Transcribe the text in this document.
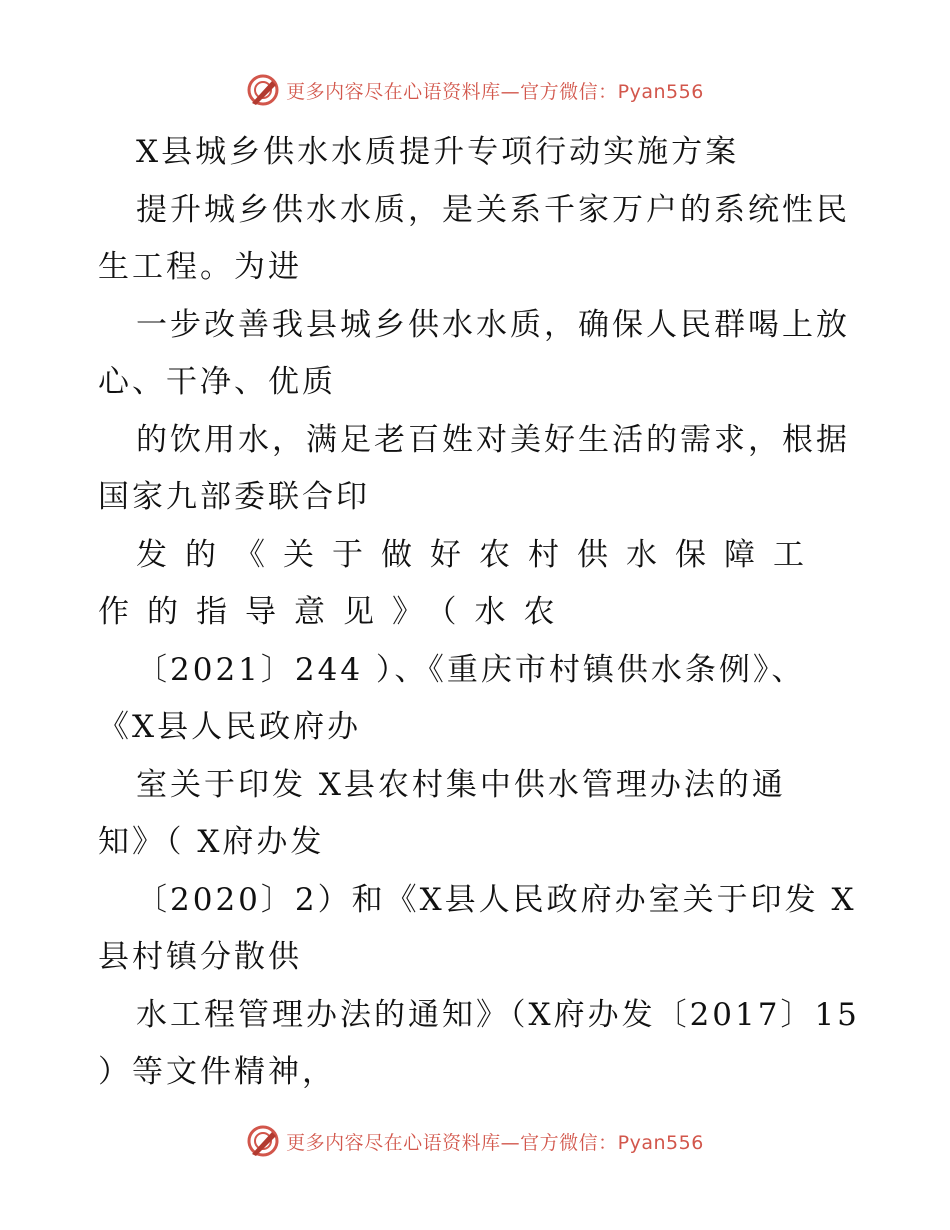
更多内容尽在心语资料库—官方微信：Pyan556
X县城乡供水水质提升专项行动实施方案
提升城乡供水水质，是关系千家万户的系统性民
生工程。为进
一步改善我县城乡供水水质，确保人民群喝上放
心、干净、优质
的饮用水，满足老百姓对美好生活的需求，根据
国家九部委联合印
发的《关于做好农村供水保障工
作的指导意见》（水农
〔2021〕244 ）、《重庆市村镇供水条例》、
《X县人民政府办
室关于印发 X县农村集中供水管理办法的通
知》（ X府办发
〔2020〕2）和《X县人民政府办室关于印发 X
县村镇分散供
水工程管理办法的通知》（X府办发〔2017〕15
）等文件精神，
更多内容尽在心语资料库—官方微信：Pyan556
